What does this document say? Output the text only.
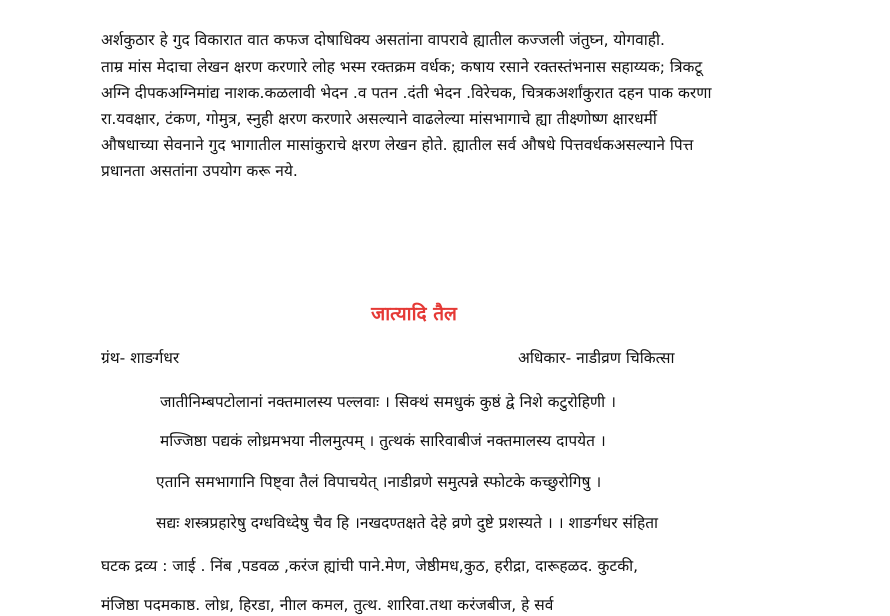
अर्शकुठार हे गुद विकारात वात कफज दोषाधिक्य असतांना वापरावे ह्यातील कज्जली जंतुघ्न, योगवाही.
ताम्र मांस मेदाचा लेखन क्षरण करणारे लोह भस्म रक्तक्रम वर्धक; कषाय रसाने रक्तस्तंभनास सहाय्यक; त्रिकटू
अग्नि दीपकअग्निमांद्य नाशक.कळलावी भेदन .व पतन .दंती भेदन .विरेचक, चित्रकअर्शांकुरात दहन पाक करणा
रा.यवक्षार, टंकण, गोमुत्र, स्नुही क्षरण करणारे असल्याने वाढलेल्या मांसभागाचे ह्या तीक्ष्णोष्ण क्षारधर्मी
औषधाच्या सेवनाने गुद भागातील मासांकुराचे क्षरण लेखन होते. ह्यातील सर्व औषधे पित्तवर्धकअसल्याने पित्त
प्रधानता असतांना उपयोग करू नये.
जात्यादि तैल
ग्रंथ- शाङर्गधर	अधिकार- नाडीव्रण चिकित्सा
जातीनिम्बपटोलानां नक्तमालस्य पल्लवाः । सिक्थं समधुकं कुष्ठं द्वे निशे कटुरोहिणी ।
मज्जिष्ठा पद्यकं लोध्रमभया नीलमुत्पम् । तुत्थकं सारिवाबीजं नक्तमालस्य दापयेत ।
एतानि समभागानि पिष्ट्वा तैलं विपाचयेत् ।नाडीव्रणे समुत्पन्ने स्फोटके कच्छुरोगिषु ।
सद्यः शस्त्रप्रहारेषु दग्धविध्देषु चैव हि ।नखदण्तक्षते देहे व्रणे दुष्टे प्रशस्यते । । शाङर्गधर संहिता
घटक द्रव्य : जाई . निंब ,पडवळ ,करंज ह्यांची पाने.मेण, जेष्ठीमध,कुठ, हरीद्रा, दारूहळद. कुटकी,
मंजिष्ठा पदमकाष्ठ. लोध्र, हिरडा, नीाल कमल, तुत्थ. शारिवा.तथा करंजबीज, हे सर्व
